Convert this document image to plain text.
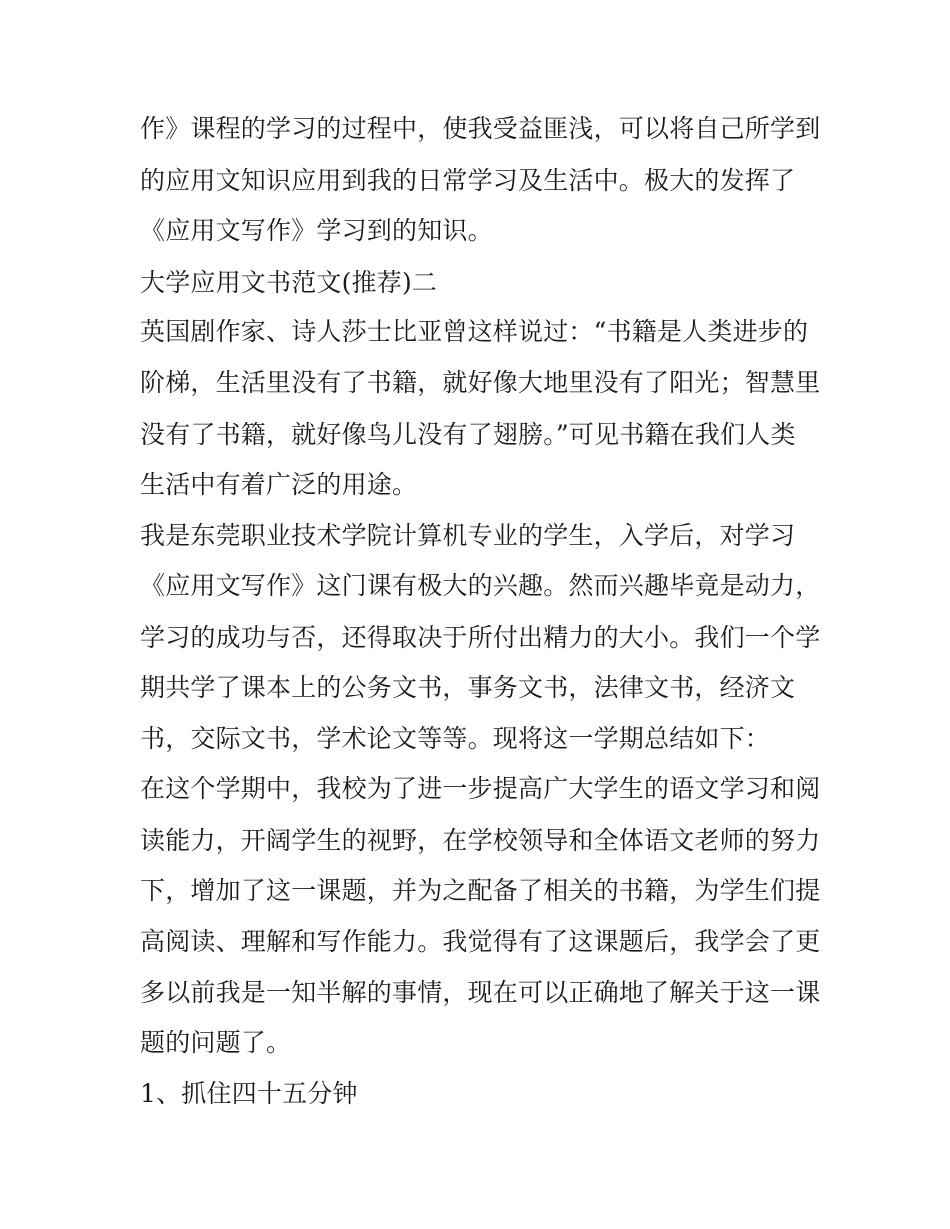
作》课程的学习的过程中，使我受益匪浅，可以将自己所学到
的应用文知识应用到我的日常学习及生活中。极大的发挥了
《应用文写作》学习到的知识。
大学应用文书范文(推荐)二
英国剧作家、诗人莎士比亚曾这样说过：“书籍是人类进步的
阶梯，生活里没有了书籍，就好像大地里没有了阳光；智慧里
没有了书籍，就好像鸟儿没有了翅膀。”可见书籍在我们人类
生活中有着广泛的用途。
我是东莞职业技术学院计算机专业的学生，入学后，对学习
《应用文写作》这门课有极大的兴趣。然而兴趣毕竟是动力，
学习的成功与否，还得取决于所付出精力的大小。我们一个学
期共学了课本上的公务文书，事务文书，法律文书，经济文
书，交际文书，学术论文等等。现将这一学期总结如下：
在这个学期中，我校为了进一步提高广大学生的语文学习和阅
读能力，开阔学生的视野，在学校领导和全体语文老师的努力
下，增加了这一课题，并为之配备了相关的书籍，为学生们提
高阅读、理解和写作能力。我觉得有了这课题后，我学会了更
多以前我是一知半解的事情，现在可以正确地了解关于这一课
题的问题了。
1、抓住四十五分钟
